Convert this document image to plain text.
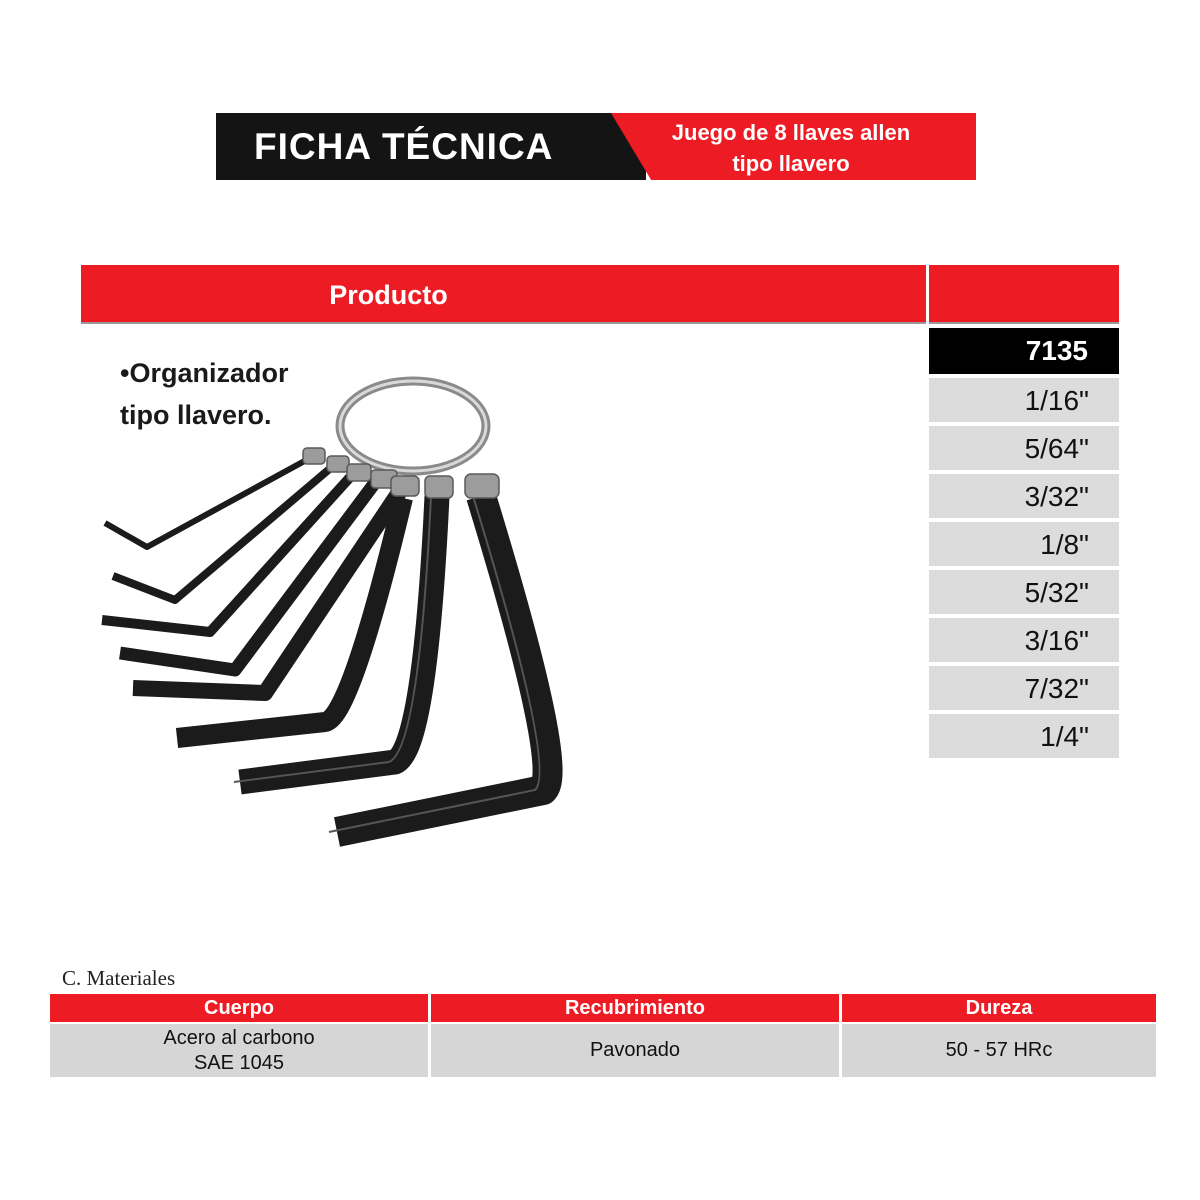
FICHA TÉCNICA	Juego de 8 llaves allen
tipo llavero
Producto
7135
1/16"
5/64"
3/32"
1/8"
5/32"
3/16"
7/32"
1/4"
•Organizador
tipo llavero.
C. Materiales
Cuerpo	Recubrimiento	Dureza
Acero al carbono
SAE 1045
Pavonado	50 - 57 HRc
